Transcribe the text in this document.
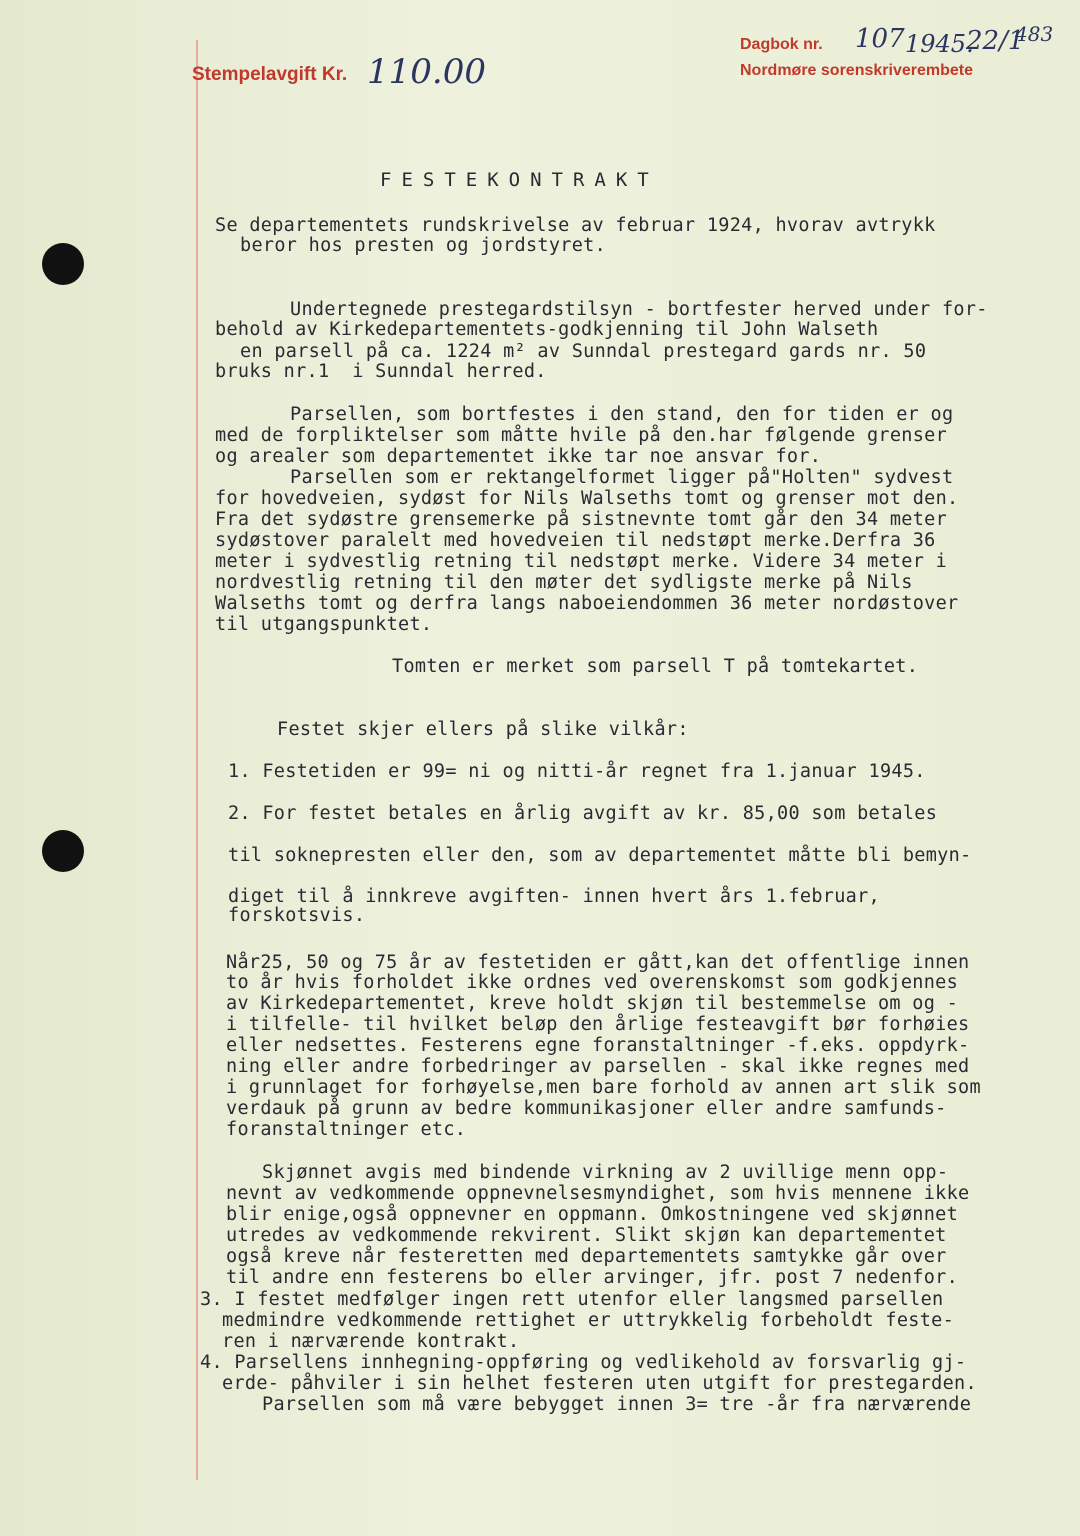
Stempelavgift Kr. 110.00
Dagbok nr. 107 1945.
22/1
483
Nordmøre sorenskriverembete
FESTEKONTRAKT
Se departementets rundskrivelse av februar 1924, hvorav avtrykk
beror hos presten og jordstyret.
Undertegnede prestegardstilsyn - bortfester herved under for-
behold av Kirkedepartementets-godkjenning til John Walseth
en parsell på ca. 1224 m² av Sunndal prestegard gards nr. 50
bruks nr.1  i Sunndal herred.
Parsellen, som bortfestes i den stand, den for tiden er og
med de forpliktelser som måtte hvile på den.har følgende grenser
og arealer som departementet ikke tar noe ansvar for.
Parsellen som er rektangelformet ligger på"Holten" sydvest
for hovedveien, sydøst for Nils Walseths tomt og grenser mot den.
Fra det sydøstre grensemerke på sistnevnte tomt går den 34 meter
sydøstover paralelt med hovedveien til nedstøpt merke.Derfra 36
meter i sydvestlig retning til nedstøpt merke. Videre 34 meter i
nordvestlig retning til den møter det sydligste merke på Nils
Walseths tomt og derfra langs naboeiendommen 36 meter nordøstover
til utgangspunktet.
Tomten er merket som parsell T på tomtekartet.
Festet skjer ellers på slike vilkår:
1. Festetiden er 99= ni og nitti-år regnet fra 1.januar 1945.
2. For festet betales en årlig avgift av kr. 85,00 som betales
til soknepresten eller den, som av departementet måtte bli bemyn-
diget til å innkreve avgiften- innen hvert års 1.februar,
forskotsvis.
Når25, 50 og 75 år av festetiden er gått,kan det offentlige innen
to år hvis forholdet ikke ordnes ved overenskomst som godkjennes
av Kirkedepartementet, kreve holdt skjøn til bestemmelse om og -
i tilfelle- til hvilket beløp den årlige festeavgift bør forhøies
eller nedsettes. Festerens egne foranstaltninger -f.eks. oppdyrk-
ning eller andre forbedringer av parsellen - skal ikke regnes med
i grunnlaget for forhøyelse,men bare forhold av annen art slik som
verdauk på grunn av bedre kommunikasjoner eller andre samfunds-
foranstaltninger etc.
Skjønnet avgis med bindende virkning av 2 uvillige menn opp-
nevnt av vedkommende oppnevnelsesmyndighet, som hvis mennene ikke
blir enige,også oppnevner en oppmann. Omkostningene ved skjønnet
utredes av vedkommende rekvirent. Slikt skjøn kan departementet
også kreve når festeretten med departementets samtykke går over
til andre enn festerens bo eller arvinger, jfr. post 7 nedenfor.
3. I festet medfølger ingen rett utenfor eller langsmed parsellen
medmindre vedkommende rettighet er uttrykkelig forbeholdt feste-
ren i nærværende kontrakt.
4. Parsellens innhegning-oppføring og vedlikehold av forsvarlig gj-
erde- påhviler i sin helhet festeren uten utgift for prestegarden.
Parsellen som må være bebygget innen 3= tre -år fra nærværende
